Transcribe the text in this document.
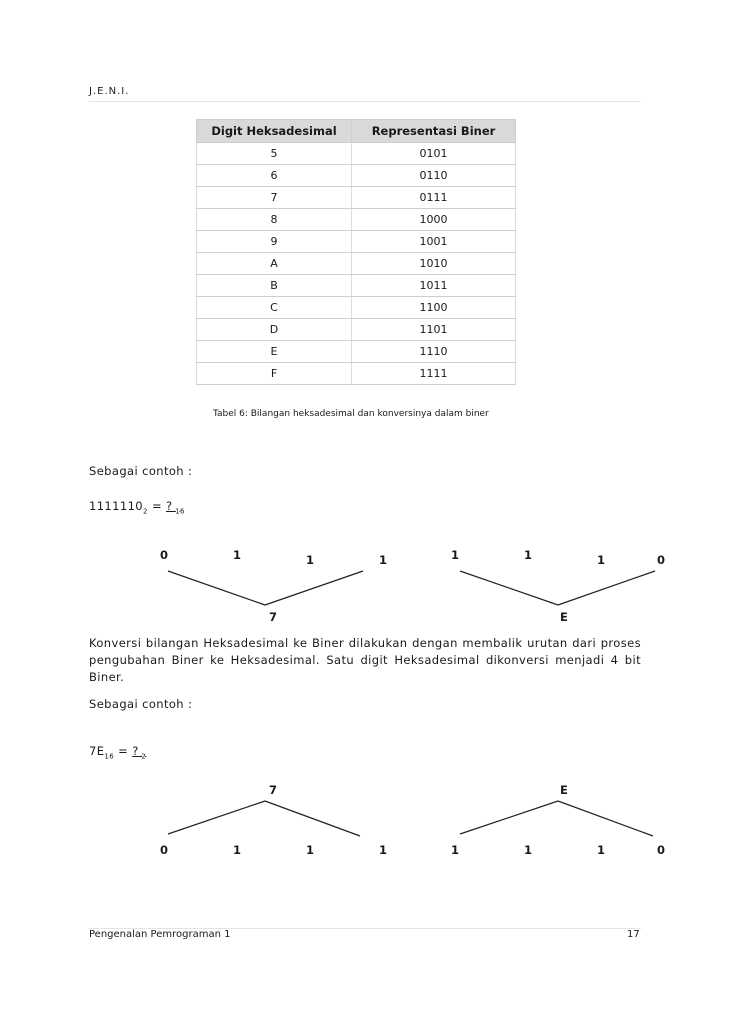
J.E.N.I.
Digit Heksadesimal	Representasi Biner
5	0101
6	0110
7	0111
8	1000
9	1001
A	1010
B	1011
C	1100
D	1101
E	1110
F	1111
Tabel 6: Bilangan heksadesimal dan konversinya dalam biner
Sebagai contoh :
$1111110_2$ = ? $_{16}$
0	1	1	1	1	1	1	0
7	E
Konversi bilangan Heksadesimal ke Biner dilakukan dengan membalik urutan dari proses pengubahan Biner ke Heksadesimal. Satu digit Heksadesimal dikonversi menjadi 4 bit Biner.
Sebagai contoh :
$7E_{16}$ = ? $_2$
7	E
0	1	1	1	1	1	1	0
Pengenalan Pemrograman 1	17
